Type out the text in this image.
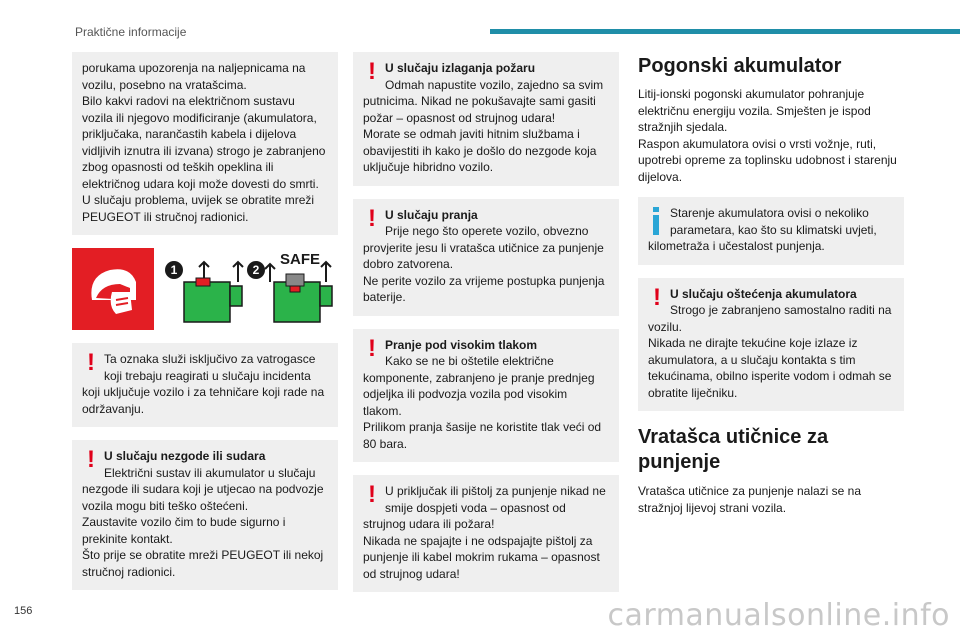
Praktične informacije

porukama upozorenja na naljepnicama na vozilu, posebno na vratašcima.
Bilo kakvi radovi na električnom sustavu vozila ili njegovo modificiranje (akumulatora, priključaka, narančastih kabela i dijelova vidljivih iznutra ili izvana) strogo je zabranjeno zbog opasnosti od teških opeklina ili električnog udara koji može dovesti do smrti.
U slučaju problema, uvijek se obratite mreži PEUGEOT ili stručnoj radionici.

1	2
SAFE
! Ta oznaka služi isključivo za vatrogasce koji trebaju reagirati u slučaju incidenta koji uključuje vozilo i za tehničare koji rade na održavanju.

! U slučaju nezgode ili sudara

Električni sustav ili akumulator u slučaju nezgode ili sudara koji je utjecao na podvozje vozila mogu biti teško oštećeni.
Zaustavite vozilo čim to bude sigurno i prekinite kontakt.
Što prije se obratite mreži PEUGEOT ili nekoj stručnoj radionici.

! U slučaju izlaganja požaru

Odmah napustite vozilo, zajedno sa svim putnicima. Nikad ne pokušavajte sami gasiti požar – opasnost od strujnog udara!
Morate se odmah javiti hitnim službama i obavijestiti ih kako je došlo do nezgode koja uključuje hibridno vozilo.

! U slučaju pranja

Prije nego što operete vozilo, obvezno provjerite jesu li vratašca utičnice za punjenje dobro zatvorena.
Ne perite vozilo za vrijeme postupka punjenja baterije.

! Pranje pod visokim tlakom

Kako se ne bi oštetile električne komponente, zabranjeno je pranje prednjeg odjeljka ili podvozja vozila pod visokim tlakom.
Prilikom pranja šasije ne koristite tlak veći od 80 bara.

! U priključak ili pištolj za punjenje nikad ne smije dospjeti voda – opasnost od strujnog udara ili požara!
Nikada ne spajajte i ne odspajajte pištolj za punjenje ili kabel mokrim rukama – opasnost od strujnog udara!

Pogonski akumulator
Litij-ionski pogonski akumulator pohranjuje električnu energiju vozila. Smješten je ispod stražnjih sjedala.
Raspon akumulatora ovisi o vrsti vožnje, ruti, upotrebi opreme za toplinsku udobnost i starenju dijelova.

Starenje akumulatora ovisi o nekoliko parametara, kao što su klimatski uvjeti, kilometraža i učestalost punjenja.

! U slučaju oštećenja akumulatora

Strogo je zabranjeno samostalno raditi na vozilu.
Nikada ne dirajte tekućine koje izlaze iz akumulatora, a u slučaju kontakta s tim tekućinama, obilno isperite vodom i odmah se obratite liječniku.

Vratašca utičnice za punjenje
Vratašca utičnice za punjenje nalazi se na stražnjoj lijevoj strani vozila.
156	carmanualsonline.info
